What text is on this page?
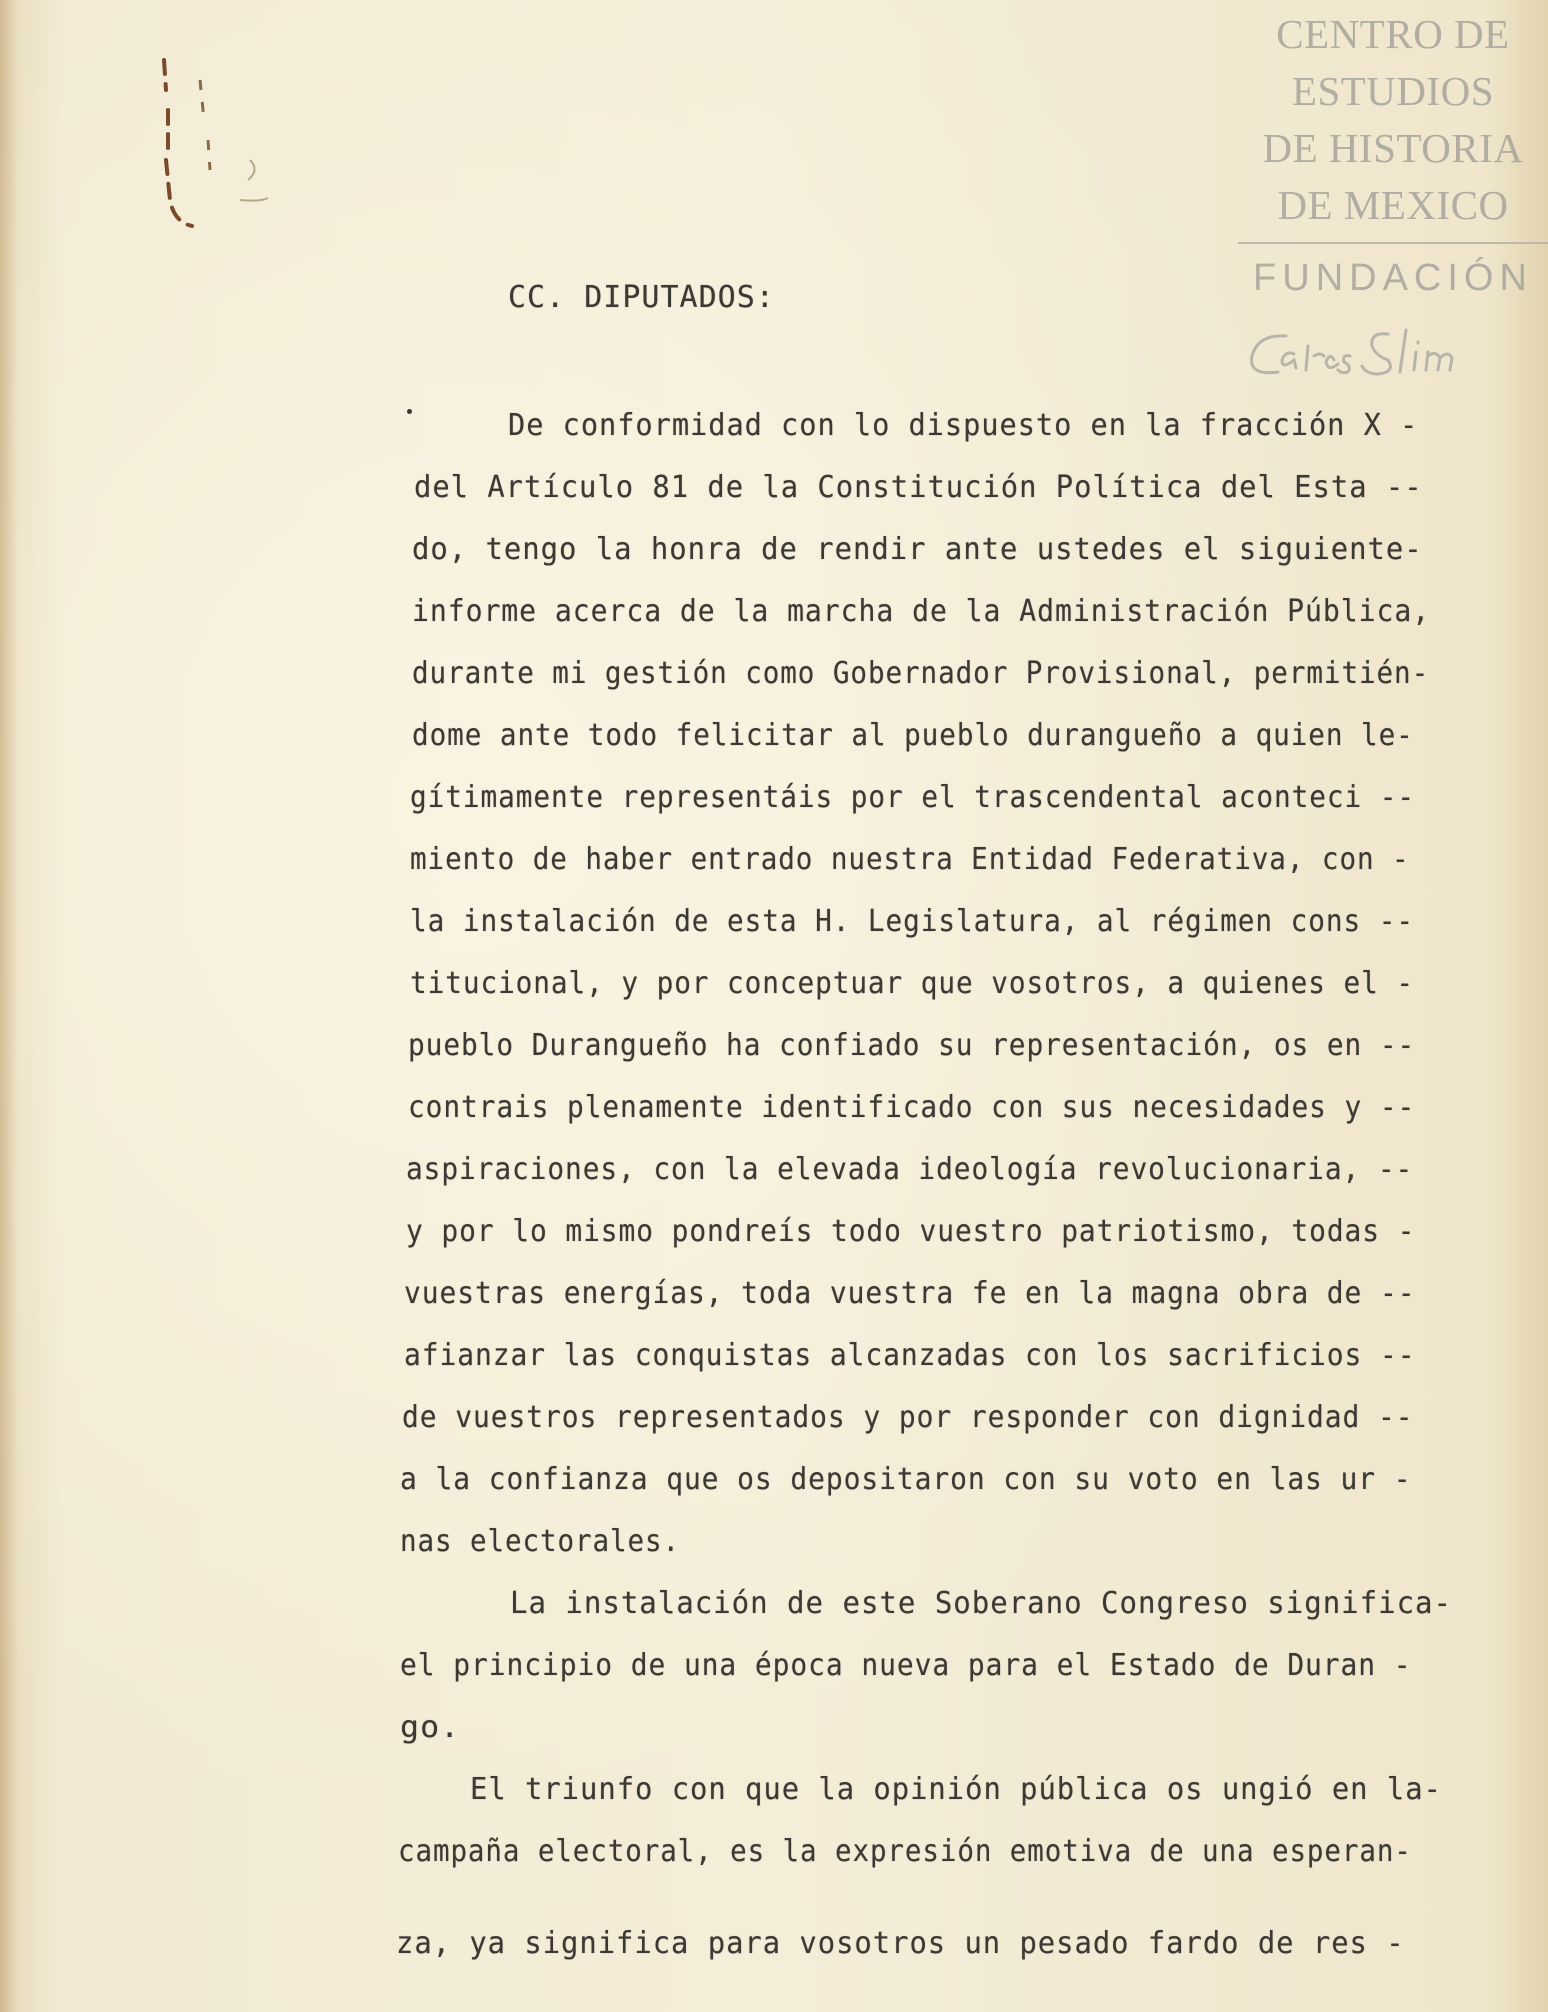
CENTRO DE
ESTUDIOS
DE HISTORIA
DE MEXICO
FUNDACIÓN
CC. DIPUTADOS:
De conformidad con lo dispuesto en la fracción X -
del Artículo 81 de la Constitución Política del Esta --
do, tengo la honra de rendir ante ustedes el siguiente-
informe acerca de la marcha de la Administración Pública,
durante mi gestión como Gobernador Provisional, permitién-
dome ante todo felicitar al pueblo duranguеño a quien le-
gítimamente representáis por el trascendental aconteci --
miento de haber entrado nuestra Entidad Federativa, con -
la instalación de esta H. Legislatura, al régimen cons --
titucional, y por conceptuar que vosotros, a quienes el -
pueblo Duranguеño ha confiado su representación, os en --
contrais plenamente identificado con sus necesidades y --
aspiraciones, con la elevada ideología revolucionaria, --
y por lo mismo pondreís todo vuestro patriotismo, todas -
vuestras energías, toda vuestra fe en la magna obra de --
afianzar las conquistas alcanzadas con los sacrificios --
de vuestros representados y por responder con dignidad --
a la confianza que os depositaron con su voto en las ur -
nas electorales.
La instalación de este Soberano Congreso significa-
el principio de una época nueva para el Estado de Duran -
go.
El triunfo con que la opinión pública os ungió en la-
campaña electoral, es la expresión emotiva de una esperan-
za, ya significa para vosotros un pesado fardo de res -
